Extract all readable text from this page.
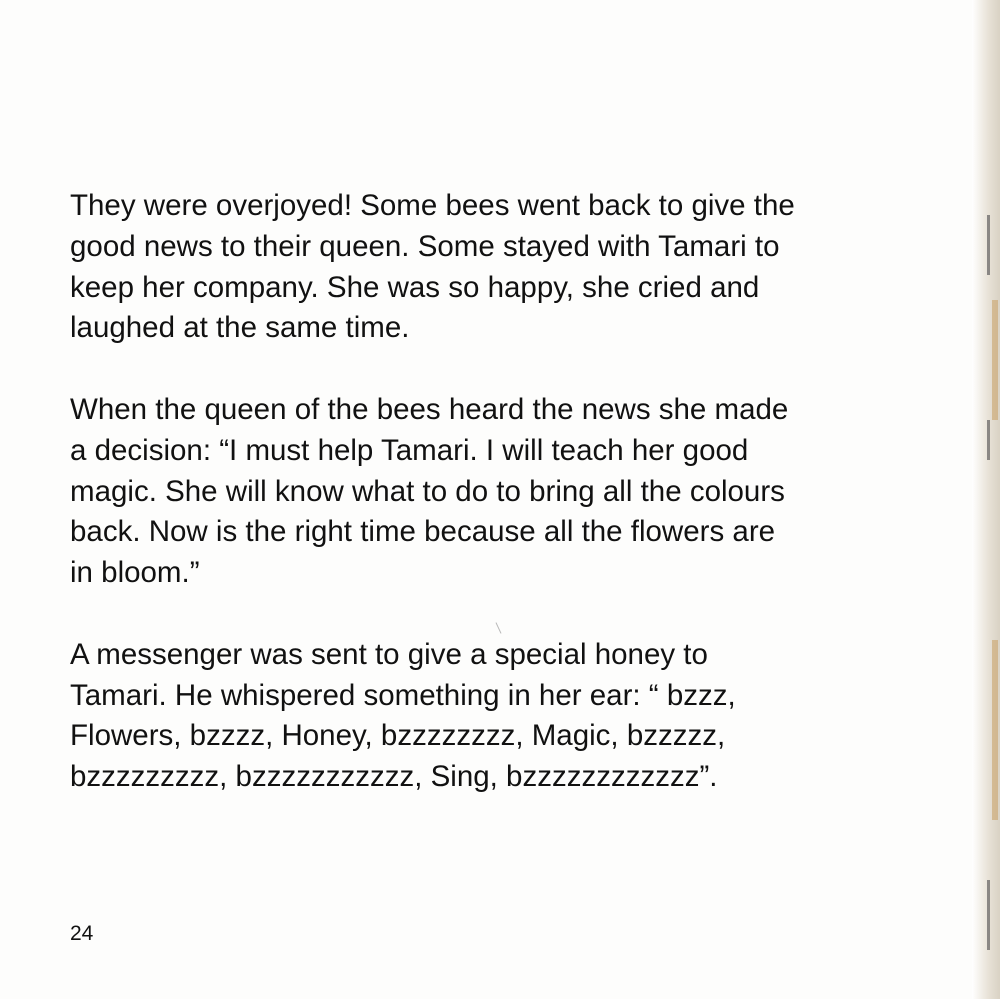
They were overjoyed! Some bees went back to give the
good news to their queen. Some stayed with Tamari to
keep her company. She was so happy, she cried and
laughed at the same time.

When the queen of the bees heard the news she made
a decision: “I must help Tamari. I will teach her good
magic. She will know what to do to bring all the colours
back. Now is the right time because all the flowers are
in bloom.”

A messenger was sent to give a special honey to
Tamari. He whispered something in her ear: “ bzzz,
Flowers, bzzzz, Honey, bzzzzzzzz, Magic, bzzzzz,
bzzzzzzzzz, bzzzzzzzzzzz, Sing, bzzzzzzzzzzzz”.

24
